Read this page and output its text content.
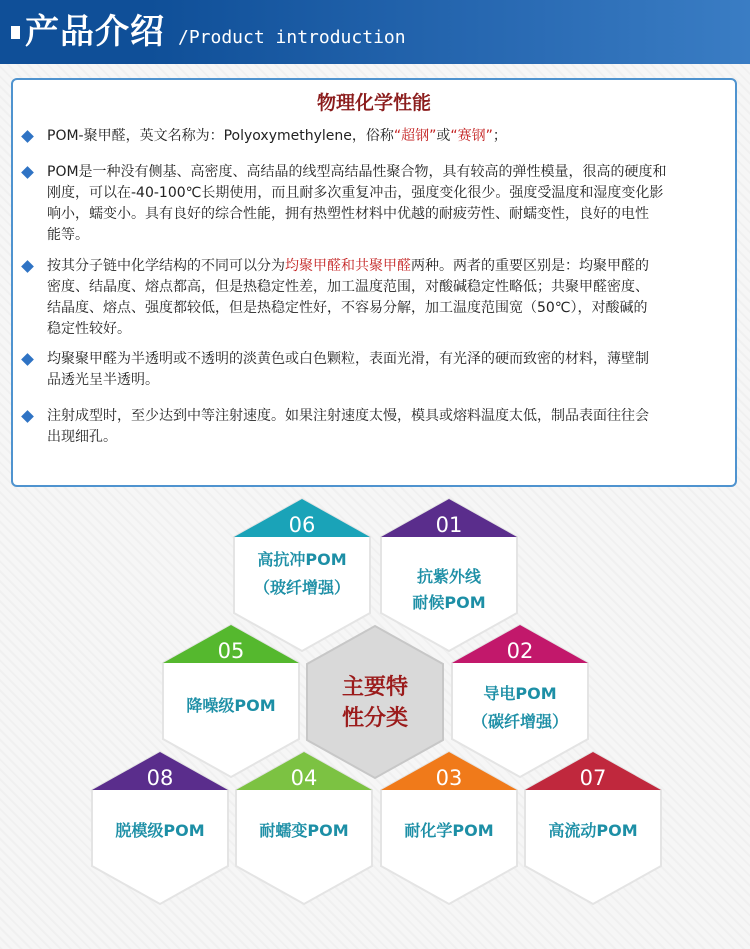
产品介绍 /Product introduction
物理化学性能
POM-聚甲醛，英文名称为：Polyoxymethylene，俗称“超钢”或“赛钢”；
POM是一种没有侧基、高密度、高结晶的线型高结晶性聚合物，具有较高的弹性模量，很高的硬度和
刚度，可以在-40-100℃长期使用，而且耐多次重复冲击，强度变化很少。强度受温度和湿度变化影
响小，蠕变小。具有良好的综合性能，拥有热塑性材料中优越的耐疲劳性、耐蠕变性，良好的电性
能等。
按其分子链中化学结构的不同可以分为均聚甲醛和共聚甲醛两种。两者的重要区别是：均聚甲醛的
密度、结晶度、熔点都高，但是热稳定性差，加工温度范围，对酸碱稳定性略低；共聚甲醛密度、
结晶度、熔点、强度都较低，但是热稳定性好，不容易分解，加工温度范围宽（50℃），对酸碱的
稳定性较好。
均聚聚甲醛为半透明或不透明的淡黄色或白色颗粒，表面光滑，有光泽的硬而致密的材料，薄壁制
品透光呈半透明。
注射成型时，至少达到中等注射速度。如果注射速度太慢，模具或熔料温度太低，制品表面往往会
出现细孔。
主要特
性分类
06
高抗冲POM
（玻纤增强）
01
抗紫外线
耐候POM
05
降噪级POM
02
导电POM
（碳纤增强）
08
脱模级POM
04
耐蠕变POM
03
耐化学POM
07
高流动POM
